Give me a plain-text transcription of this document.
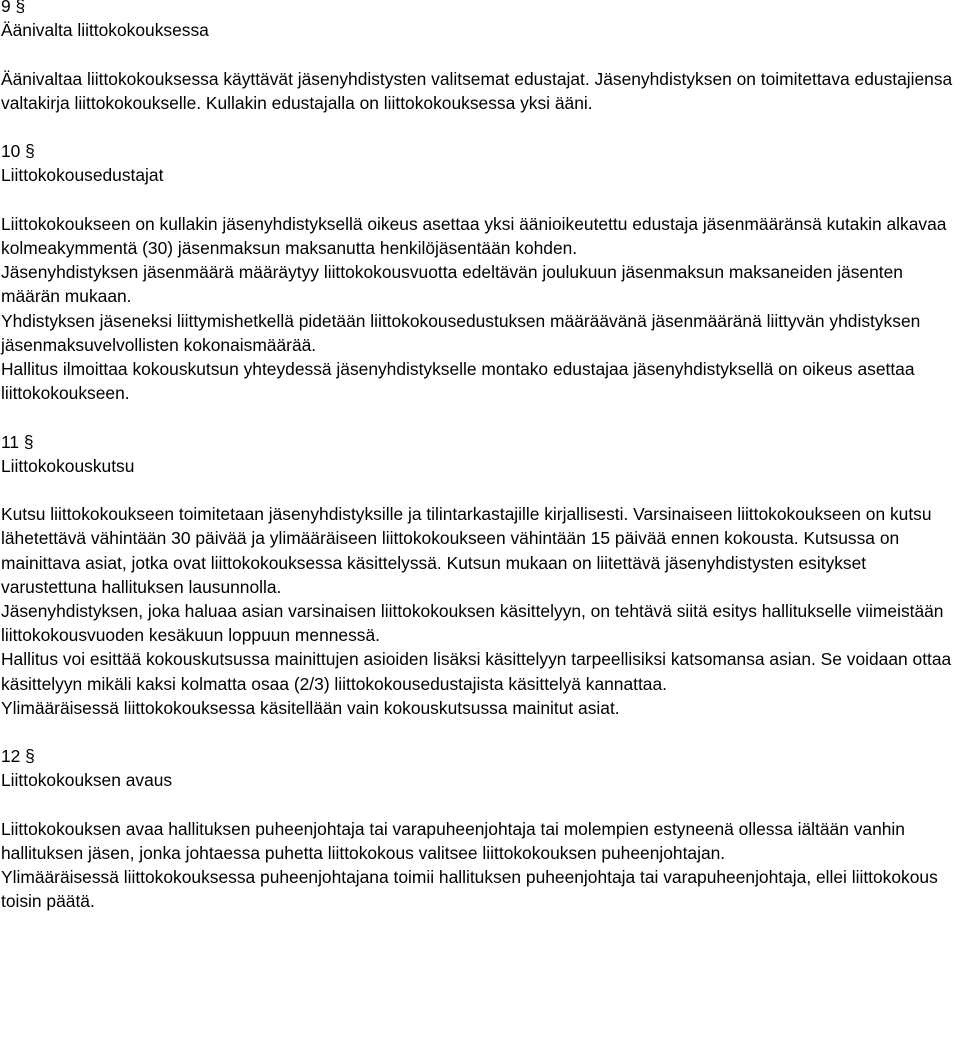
9 §
Äänivalta liittokokouksessa

Äänivaltaa liittokokouksessa käyttävät jäsenyhdistysten valitsemat edustajat. Jäsenyhdistyksen on toimitettava edustajiensa valtakirja liittokokoukselle. Kullakin edustajalla on liittokokouksessa yksi ääni.

10 §
Liittokokousedustajat

Liittokokoukseen on kullakin jäsenyhdistyksellä oikeus asettaa yksi äänioikeutettu edustaja jäsenmääränsä kutakin alkavaa kolmeakymmentä (30) jäsenmaksun maksanutta henkilöjäsentään kohden.

Jäsenyhdistyksen jäsenmäärä määräytyy liittokokousvuotta edeltävän joulukuun jäsenmaksun maksaneiden jäsenten määrän mukaan.

Yhdistyksen jäseneksi liittymishetkellä pidetään liittokokousedustuksen määräävänä jäsenmääränä liittyvän yhdistyksen jäsenmaksuvelvollisten kokonaismäärää.

Hallitus ilmoittaa kokouskutsun yhteydessä jäsenyhdistykselle montako edustajaa jäsenyhdistyksellä on oikeus asettaa liittokokoukseen.

11 §
Liittokokouskutsu

Kutsu liittokokoukseen toimitetaan jäsenyhdistyksille ja tilintarkastajille kirjallisesti. Varsinaiseen liittokokoukseen on kutsu lähetettävä vähintään 30 päivää ja ylimääräiseen liittokokoukseen vähintään 15 päivää ennen kokousta. Kutsussa on mainittava asiat, jotka ovat liittokokouksessa käsittelyssä. Kutsun mukaan on liitettävä jäsenyhdistysten esitykset varustettuna hallituksen lausunnolla.

Jäsenyhdistyksen, joka haluaa asian varsinaisen liittokokouksen käsittelyyn, on tehtävä siitä esitys hallitukselle viimeistään liittokokousvuoden kesäkuun loppuun mennessä.

Hallitus voi esittää kokouskutsussa mainittujen asioiden lisäksi käsittelyyn tarpeellisiksi katsomansa asian. Se voidaan ottaa käsittelyyn mikäli kaksi kolmatta osaa (2/3) liittokokousedustajista käsittelyä kannattaa.

Ylimääräisessä liittokokouksessa käsitellään vain kokouskutsussa mainitut asiat.

12 §
Liittokokouksen avaus

Liittokokouksen avaa hallituksen puheenjohtaja tai varapuheenjohtaja tai molempien estyneenä ollessa iältään vanhin hallituksen jäsen, jonka johtaessa puhetta liittokokous valitsee liittokokouksen puheenjohtajan.

Ylimääräisessä liittokokouksessa puheenjohtajana toimii hallituksen puheenjohtaja tai varapuheenjohtaja, ellei liittokokous toisin päätä.
